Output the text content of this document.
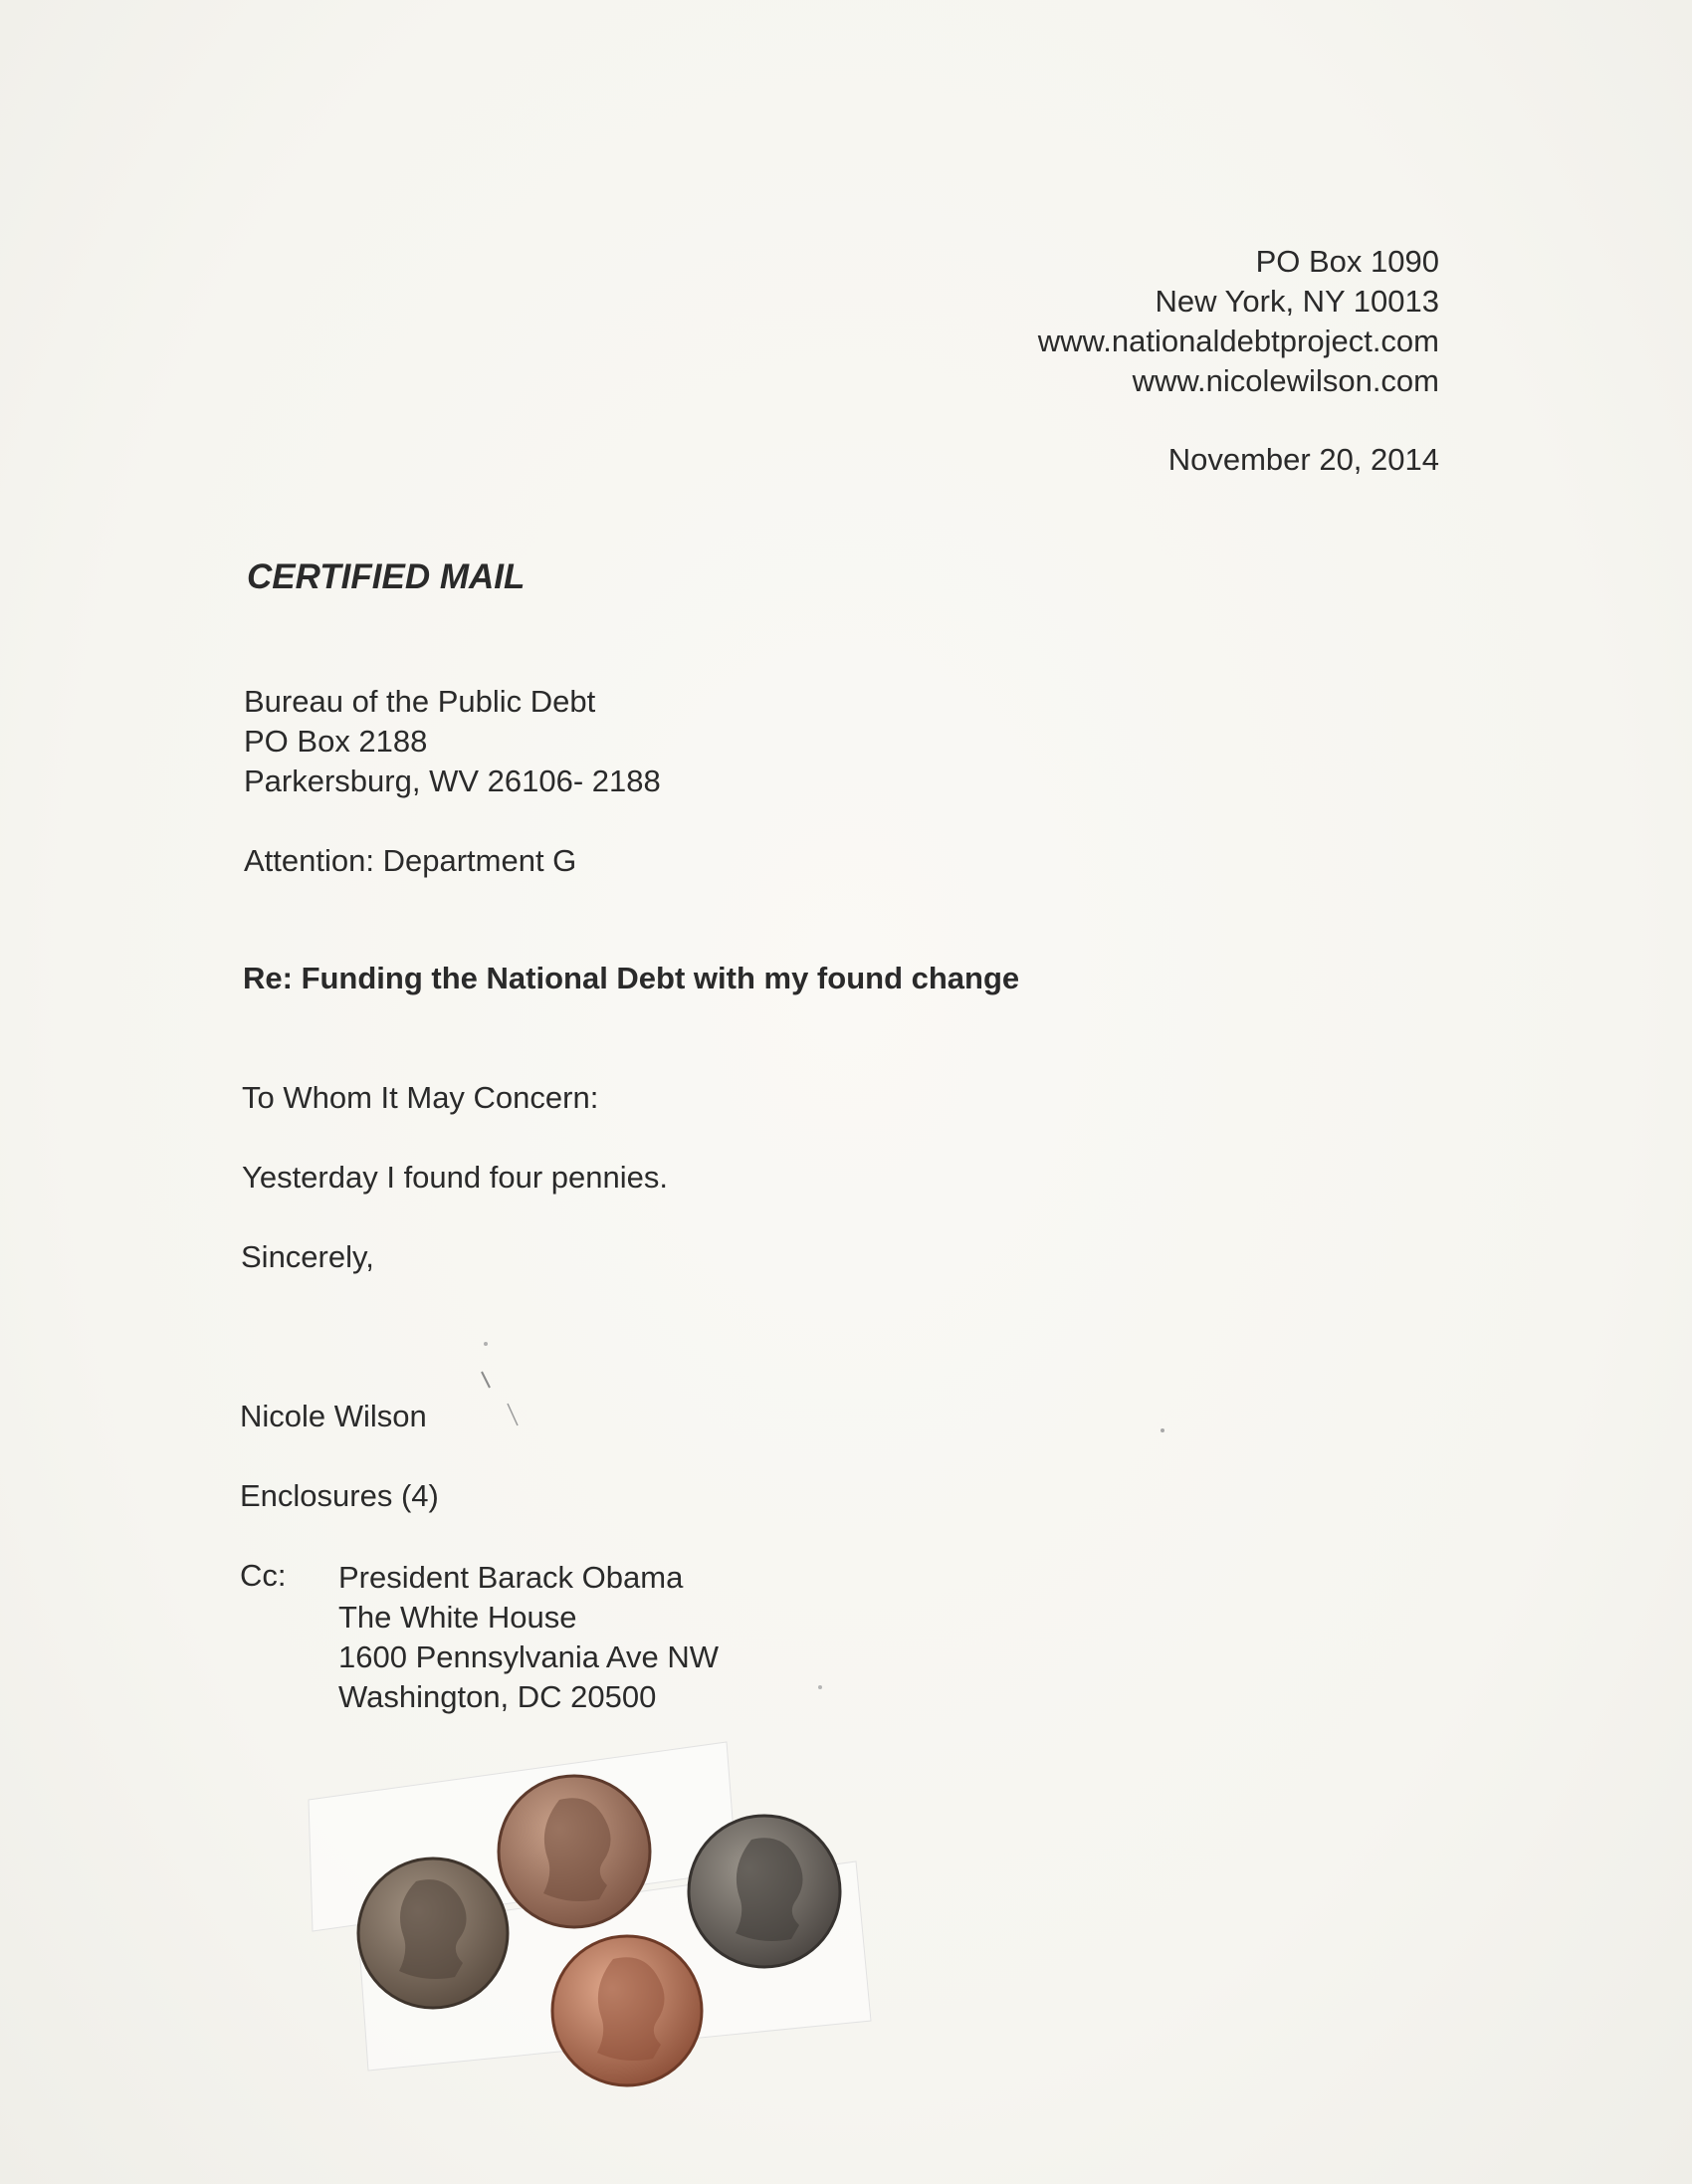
PO Box 1090
New York, NY 10013
www.nationaldebtproject.com
www.nicolewilson.com
November 20, 2014
CERTIFIED MAIL
Bureau of the Public Debt
PO Box 2188
Parkersburg, WV 26106- 2188
Attention: Department G
Re: Funding the National Debt with my found change
To Whom It May Concern:
Yesterday I found four pennies.
Sincerely,
Nicole Wilson
Enclosures (4)
Cc: President Barack Obama
The White House
1600 Pennsylvania Ave NW
Washington, DC 20500
